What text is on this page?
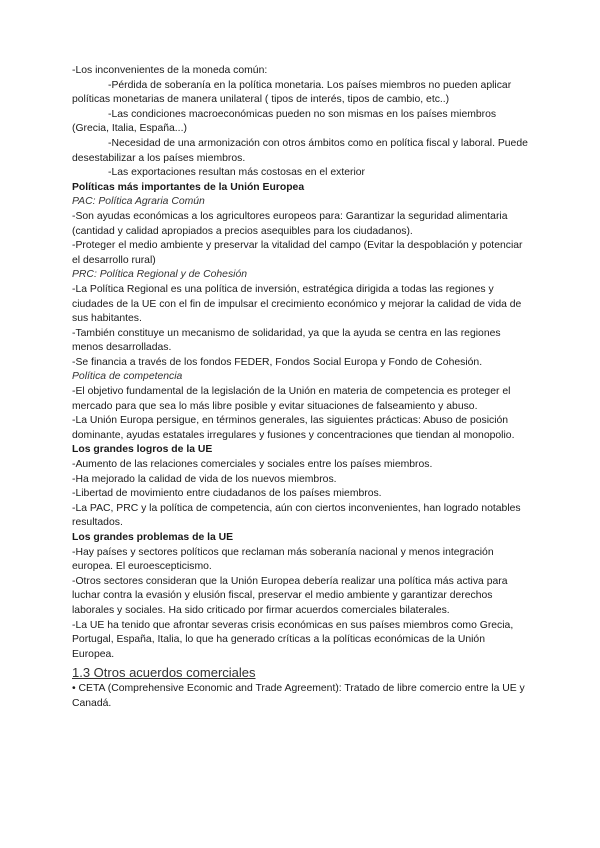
-Los inconvenientes de la moneda común:

-Pérdida de soberanía en la política monetaria. Los países miembros no pueden aplicar políticas monetarias de manera unilateral ( tipos de interés, tipos de cambio, etc..)

-Las condiciones macroeconómicas pueden no son mismas en los países miembros (Grecia, Italia, España...)

-Necesidad de una armonización con otros ámbitos como en política fiscal y laboral. Puede desestabilizar a los países miembros.

-Las exportaciones resultan más costosas en el exterior

Políticas más importantes de la Unión Europea

PAC: Política Agraria Común

-Son ayudas económicas a los agricultores europeos para: Garantizar la seguridad alimentaria (cantidad y calidad apropiados a precios asequibles para los ciudadanos).

-Proteger el medio ambiente y preservar la vitalidad del campo (Evitar la despoblación y potenciar el desarrollo rural)

PRC: Política Regional y de Cohesión

-La Política Regional es una política de inversión, estratégica dirigida a todas las regiones y ciudades de la UE con el fin de impulsar el crecimiento económico y mejorar la calidad de vida de sus habitantes.

-También constituye un mecanismo de solidaridad, ya que la ayuda se centra en las regiones menos desarrolladas.

-Se financia a través de los fondos FEDER, Fondos Social Europa y Fondo de Cohesión.

Política de competencia

-El objetivo fundamental de la legislación de la Unión en materia de competencia es proteger el mercado para que sea lo más libre posible y evitar situaciones de falseamiento y abuso.

-La Unión Europa persigue, en términos generales, las siguientes prácticas: Abuso de posición dominante, ayudas estatales irregulares y fusiones y concentraciones que tiendan al monopolio.

Los grandes logros de la UE

-Aumento de las relaciones comerciales y sociales entre los países miembros.

-Ha mejorado la calidad de vida de los nuevos miembros.

-Libertad de movimiento entre ciudadanos de los países miembros.

-La PAC, PRC y la política de competencia, aún con ciertos inconvenientes, han logrado notables resultados.

Los grandes problemas de la UE

-Hay países y sectores políticos que reclaman más soberanía nacional y menos integración europea. El euroescepticismo.

-Otros sectores consideran que la Unión Europea debería realizar una política más activa para luchar contra la evasión y elusión fiscal, preservar el medio ambiente y garantizar derechos laborales y sociales. Ha sido criticado por firmar acuerdos comerciales bilaterales.

-La UE ha tenido que afrontar severas crisis económicas en sus países miembros como Grecia, Portugal, España, Italia, lo que ha generado críticas a la políticas económicas de la Unión Europea.

1.3 Otros acuerdos comerciales

• CETA (Comprehensive Economic and Trade Agreement): Tratado de libre comercio entre la UE y Canadá.
